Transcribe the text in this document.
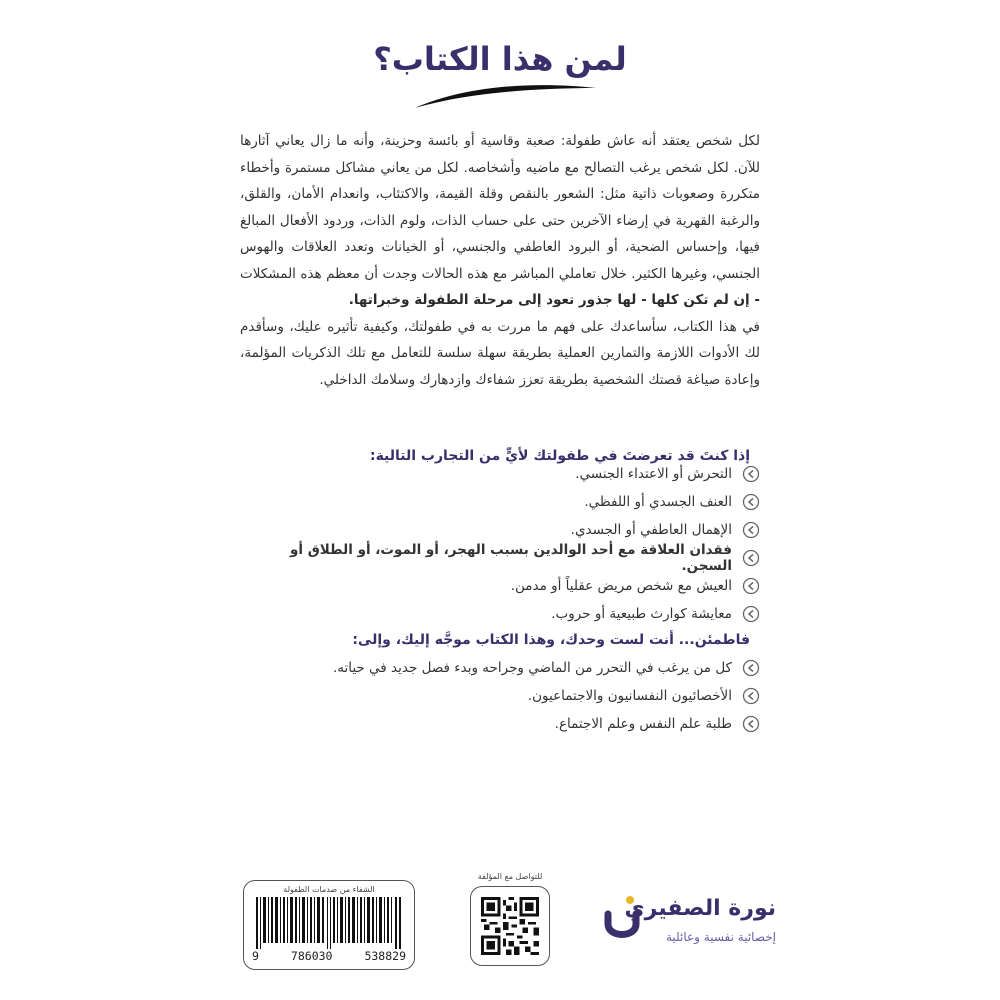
لمن هذا الكتاب؟

لكل شخص يعتقد أنه عاش طفولة: صعبة وقاسية أو بائسة وحزينة، وأنه ما زال يعاني آثارها للآن. لكل شخص يرغب التصالح مع ماضيه وأشخاصه. لكل من يعاني مشاكل مستمرة وأخطاء متكررة وصعوبات ذاتية مثل: الشعور بالنقص وقلة القيمة، والاكتئاب، وانعدام الأمان، والقلق، والرغبة القهرية في إرضاء الآخرين حتى على حساب الذات، ولوم الذات، وردود الأفعال المبالغ فيها، وإحساس الضحية، أو البرود العاطفي والجنسي، أو الخيانات وتعدد العلاقات والهوس الجنسي، وغيرها الكثير. خلال تعاملي المباشر مع هذه الحالات وجدت أن معظم هذه المشكلات - إن لم تكن كلها - لها جذور تعود إلى مرحلة الطفولة وخبراتها.

في هذا الكتاب، سأساعدك على فهم ما مررت به في طفولتك، وكيفية تأثيره عليك، وسأقدم لك الأدوات اللازمة والتمارين العملية بطريقة سهلة سلسة للتعامل مع تلك الذكريات المؤلمة، وإعادة صياغة قصتك الشخصية بطريقة تعزز شفاءك وازدهارك وسلامك الداخلي.

إذا كنتَ قد تعرضتَ في طفولتك لأيٍّ من التجارب التالية:

التحرش أو الاعتداء الجنسي.
العنف الجسدي أو اللفظي.
الإهمال العاطفي أو الجسدي.
فقدان العلاقة مع أحد الوالدين بسبب الهجر، أو الموت، أو الطلاق أو السجن.
العيش مع شخص مريض عقلياً أو مدمن.
معايشة كوارث طبيعية أو حروب.

فاطمئن... أنت لست وحدك، وهذا الكتاب موجَّه إليك، وإلى:

كل من يرغب في التحرر من الماضي وجراحه وبدء فصل جديد في حياته.
الأخصائيون النفسانيون والاجتماعيون.
طلبة علم النفس وعلم الاجتماع.
الشفاء من صدمات الطفولة
9	786030	538829
للتواصل مع المؤلفة
نورة الصفيري
إخصائية نفسية وعائلية
